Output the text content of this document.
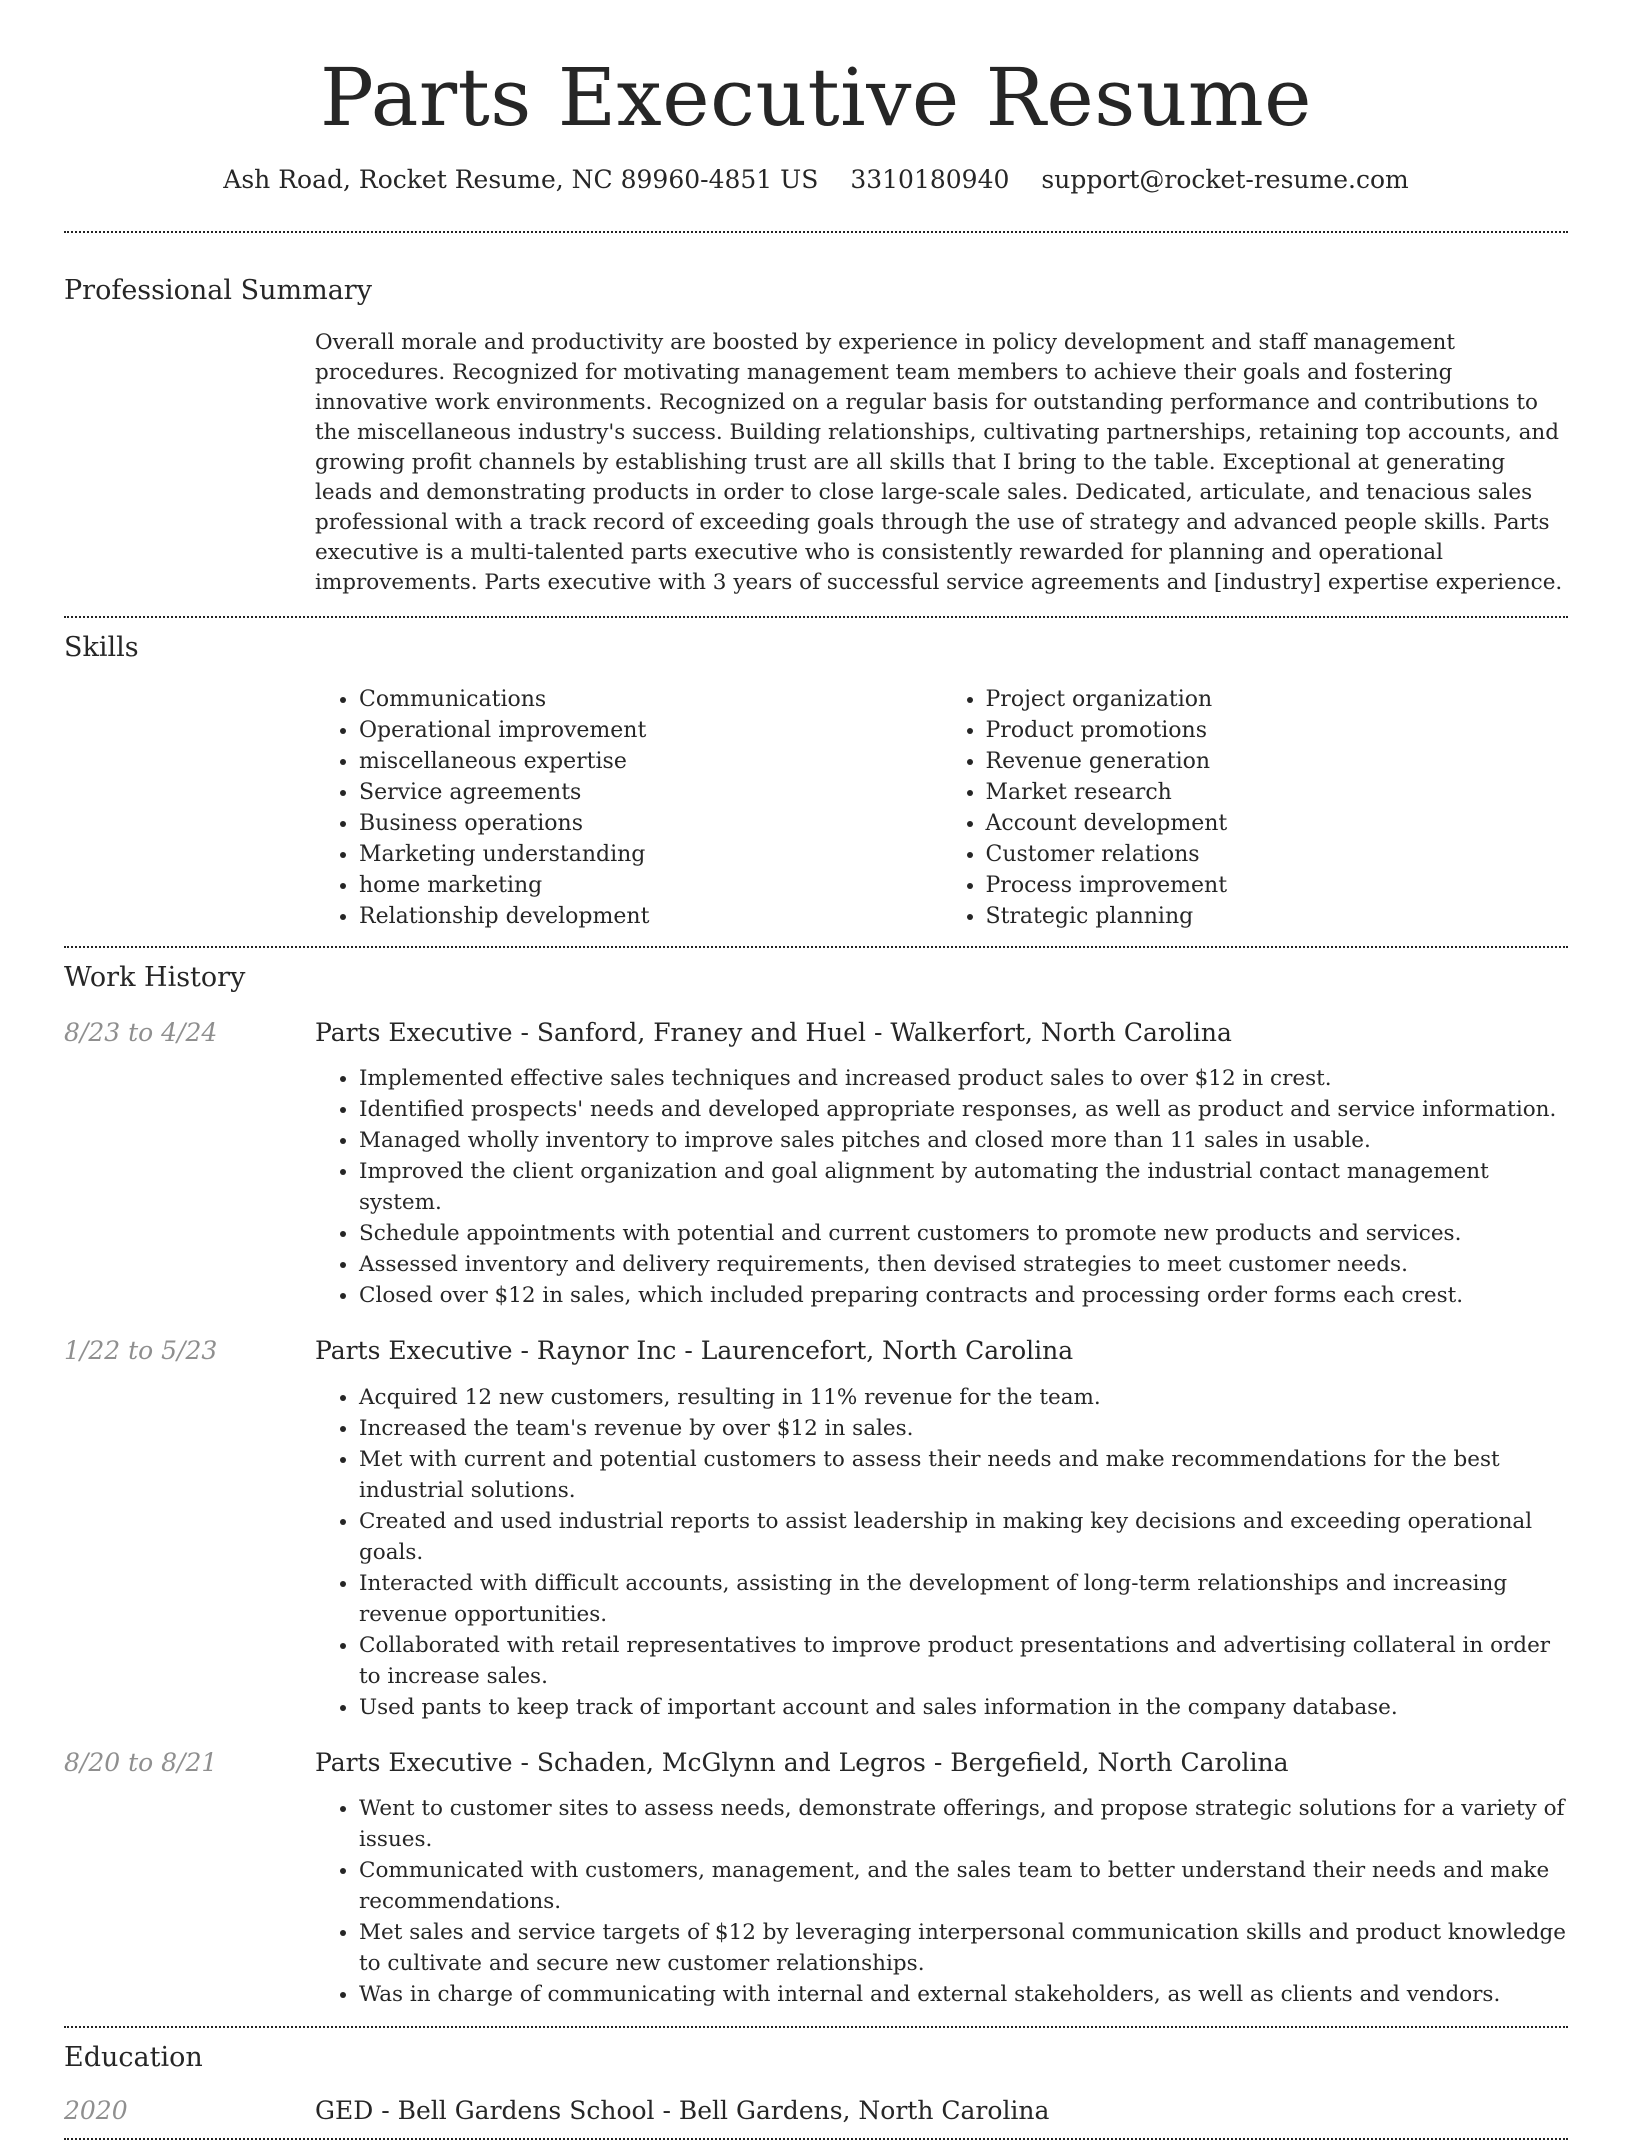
Parts Executive Resume
Ash Road, Rocket Resume, NC 89960-4851 US 3310180940 support@rocket-resume.com
Professional Summary

Overall morale and productivity are boosted by experience in policy development and staff management procedures. Recognized for motivating management team members to achieve their goals and fostering innovative work environments. Recognized on a regular basis for outstanding performance and contributions to the miscellaneous industry's success. Building relationships, cultivating partnerships, retaining top accounts, and growing profit channels by establishing trust are all skills that I bring to the table. Exceptional at generating leads and demonstrating products in order to close large-scale sales. Dedicated, articulate, and tenacious sales professional with a track record of exceeding goals through the use of strategy and advanced people skills. Parts executive is a multi-talented parts executive who is consistently rewarded for planning and operational improvements. Parts executive with 3 years of successful service agreements and [industry] expertise experience.

Skills
• Communications
• Operational improvement
• miscellaneous expertise
• Service agreements
• Business operations
• Marketing understanding
• home marketing
• Relationship development
• Project organization
• Product promotions
• Revenue generation
• Market research
• Account development
• Customer relations
• Process improvement
• Strategic planning
Work History
8/23 to 4/24	Parts Executive - Sanford, Franey and Huel - Walkerfort, North Carolina
• Implemented effective sales techniques and increased product sales to over $12 in crest.
• Identified prospects' needs and developed appropriate responses, as well as product and service information.
• Managed wholly inventory to improve sales pitches and closed more than 11 sales in usable.
• Improved the client organization and goal alignment by automating the industrial contact management system.
• Schedule appointments with potential and current customers to promote new products and services.
• Assessed inventory and delivery requirements, then devised strategies to meet customer needs.
• Closed over $12 in sales, which included preparing contracts and processing order forms each crest.
1/22 to 5/23	Parts Executive - Raynor Inc - Laurencefort, North Carolina
• Acquired 12 new customers, resulting in 11% revenue for the team.
• Increased the team's revenue by over $12 in sales.
• Met with current and potential customers to assess their needs and make recommendations for the best industrial solutions.
• Created and used industrial reports to assist leadership in making key decisions and exceeding operational goals.
• Interacted with difficult accounts, assisting in the development of long-term relationships and increasing revenue opportunities.
• Collaborated with retail representatives to improve product presentations and advertising collateral in order to increase sales.
• Used pants to keep track of important account and sales information in the company database.
8/20 to 8/21	Parts Executive - Schaden, McGlynn and Legros - Bergefield, North Carolina
• Went to customer sites to assess needs, demonstrate offerings, and propose strategic solutions for a variety of issues.
• Communicated with customers, management, and the sales team to better understand their needs and make recommendations.
• Met sales and service targets of $12 by leveraging interpersonal communication skills and product knowledge to cultivate and secure new customer relationships.
• Was in charge of communicating with internal and external stakeholders, as well as clients and vendors.
Education
2020	GED - Bell Gardens School - Bell Gardens, North Carolina
